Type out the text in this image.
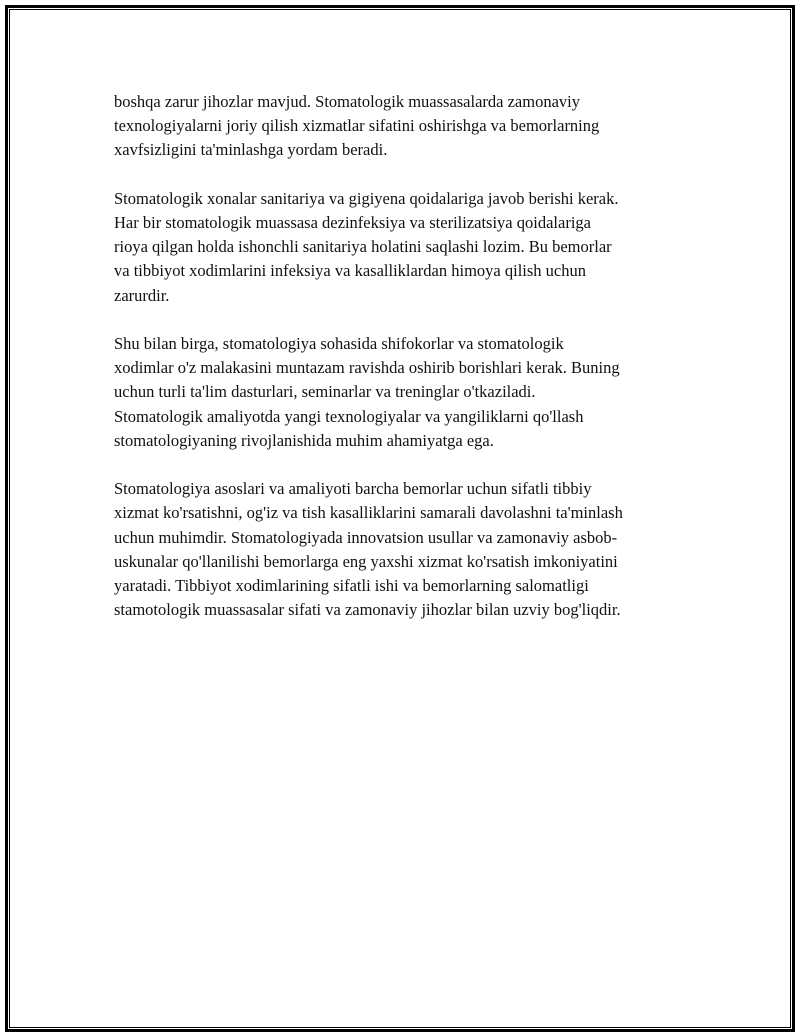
boshqa zarur jihozlar mavjud. Stomatologik muassasalarda zamonaviy
texnologiyalarni joriy qilish xizmatlar sifatini oshirishga va bemorlarning
xavfsizligini ta'minlashga yordam beradi.

Stomatologik xonalar sanitariya va gigiyena qoidalariga javob berishi kerak.
Har bir stomatologik muassasa dezinfeksiya va sterilizatsiya qoidalariga
rioya qilgan holda ishonchli sanitariya holatini saqlashi lozim. Bu bemorlar
va tibbiyot xodimlarini infeksiya va kasalliklardan himoya qilish uchun
zarurdir.

Shu bilan birga, stomatologiya sohasida shifokorlar va stomatologik
xodimlar o'z malakasini muntazam ravishda oshirib borishlari kerak. Buning
uchun turli ta'lim dasturlari, seminarlar va treninglar o'tkaziladi.
Stomatologik amaliyotda yangi texnologiyalar va yangiliklarni qo'llash
stomatologiyaning rivojlanishida muhim ahamiyatga ega.

Stomatologiya asoslari va amaliyoti barcha bemorlar uchun sifatli tibbiy
xizmat ko'rsatishni, og'iz va tish kasalliklarini samarali davolashni ta'minlash
uchun muhimdir. Stomatologiyada innovatsion usullar va zamonaviy asbob-
uskunalar qo'llanilishi bemorlarga eng yaxshi xizmat ko'rsatish imkoniyatini
yaratadi. Tibbiyot xodimlarining sifatli ishi va bemorlarning salomatligi
stamotologik muassasalar sifati va zamonaviy jihozlar bilan uzviy bog'liqdir.
